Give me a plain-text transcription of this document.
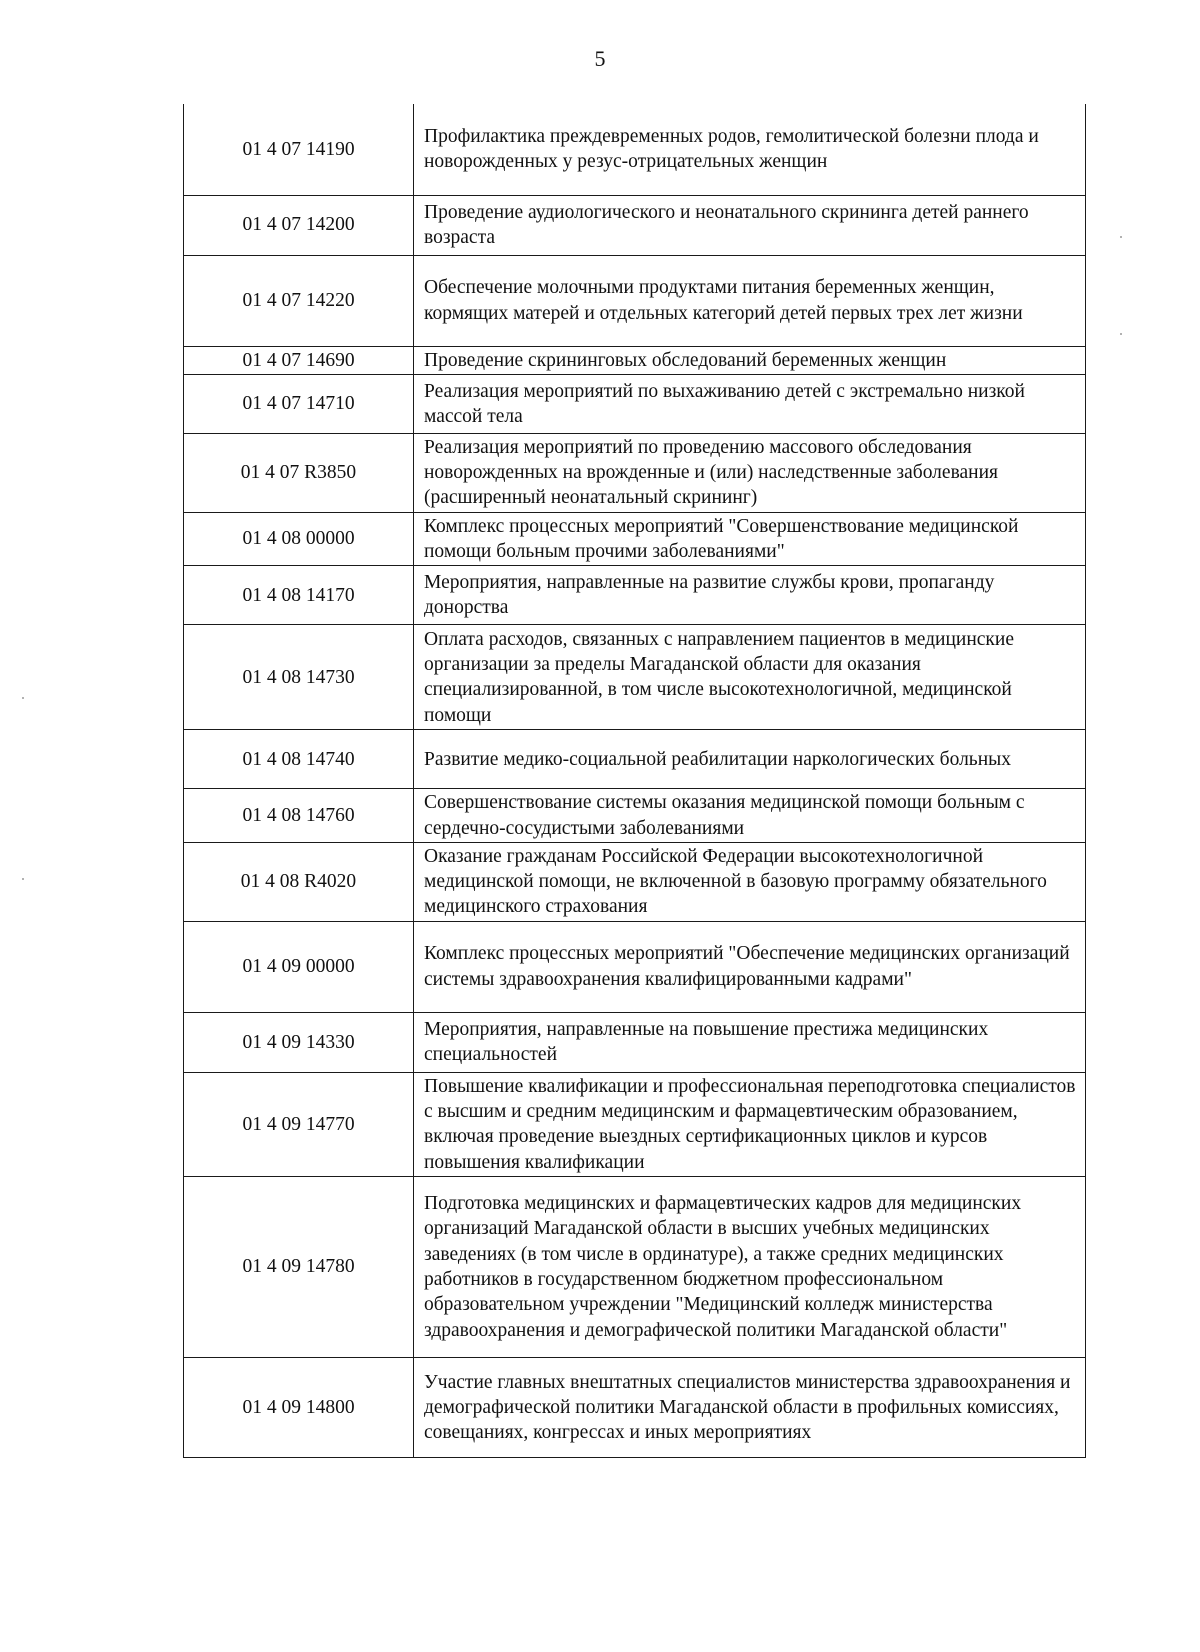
5
01 4 07 14190	Профилактика преждевременных родов, гемолитической болезни плода и новорожденных у резус-отрицательных женщин
01 4 07 14200	Проведение аудиологического и неонатального скрининга детей раннего возраста
01 4 07 14220	Обеспечение молочными продуктами питания беременных женщин, кормящих матерей и отдельных категорий детей первых трех лет жизни
01 4 07 14690	Проведение скрининговых обследований беременных женщин
01 4 07 14710	Реализация мероприятий по выхаживанию детей с экстремально низкой массой тела
01 4 07 R3850	Реализация мероприятий по проведению массового обследования новорожденных на врожденные и (или) наследственные заболевания (расширенный неонатальный скрининг)
01 4 08 00000	Комплекс процессных мероприятий "Совершенствование медицинской помощи больным прочими заболеваниями"
01 4 08 14170	Мероприятия, направленные на развитие службы крови, пропаганду донорства
01 4 08 14730	Оплата расходов, связанных с направлением пациентов в медицинские организации за пределы Магаданской области для оказания специализированной, в том числе высокотехнологичной, медицинской помощи
01 4 08 14740	Развитие медико-социальной реабилитации наркологических больных
01 4 08 14760	Совершенствование системы оказания медицинской помощи больным с сердечно-сосудистыми заболеваниями
01 4 08 R4020	Оказание гражданам Российской Федерации высокотехнологичной медицинской помощи, не включенной в базовую программу обязательного медицинского страхования
01 4 09 00000	Комплекс процессных мероприятий "Обеспечение медицинских организаций системы здравоохранения квалифицированными кадрами"
01 4 09 14330	Мероприятия, направленные на повышение престижа медицинских специальностей
01 4 09 14770	Повышение квалификации и профессиональная переподготовка специалистов с высшим и средним медицинским и фармацевтическим образованием, включая проведение выездных сертификационных циклов и курсов повышения квалификации
01 4 09 14780	Подготовка медицинских и фармацевтических кадров для медицинских организаций Магаданской области в высших учебных медицинских заведениях (в том числе в ординатуре), а также средних медицинских работников в государственном бюджетном профессиональном образовательном учреждении "Медицинский колледж министерства здравоохранения и демографической политики Магаданской области"
01 4 09 14800	Участие главных внештатных специалистов министерства здравоохранения и демографической политики Магаданской области в профильных комиссиях, совещаниях, конгрессах и иных мероприятиях
